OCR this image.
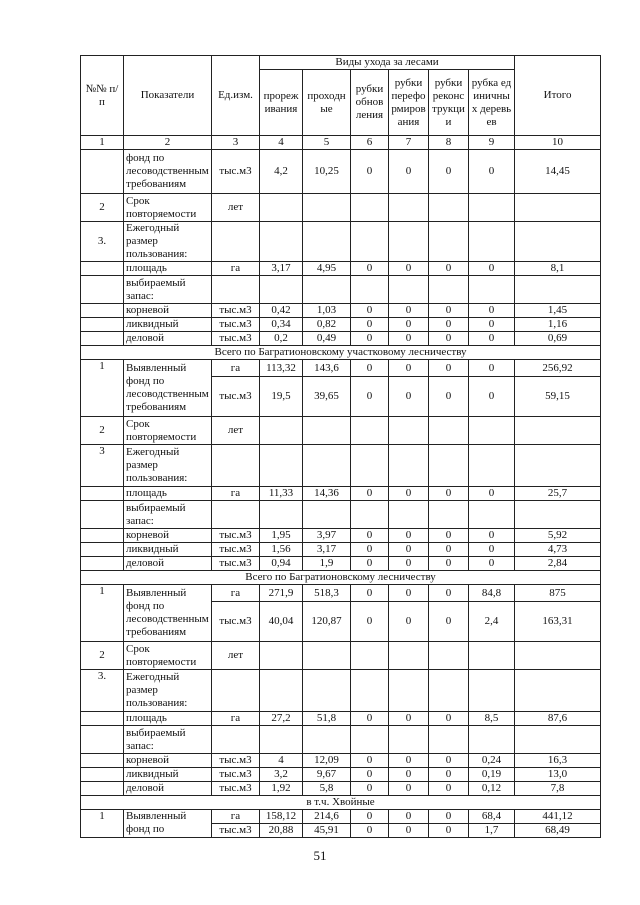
№№ п/п	Показатели	Ед.изм.	Виды ухода за лесами						Итого
			прореживания	проходные	рубки обновления	рубки переформирования	рубки реконструкции	рубка единичных деревьев	
1	2	3	4	5	6	7	8	9	10
	фонд по лесоводственным требованиям	тыс.м3	4,2	10,25	0	0	0	0	14,45
2	Срок повторяемости	лет							
3.	Ежегодный размер пользования:								
	площадь	га	3,17	4,95	0	0	0	0	8,1
	выбираемый запас:								
	корневой	тыс.м3	0,42	1,03	0	0	0	0	1,45
	ликвидный	тыс.м3	0,34	0,82	0	0	0	0	1,16
	деловой	тыс.м3	0,2	0,49	0	0	0	0	0,69
Всего по Багратионовскому участковому лесничеству									
1	Выявленный фонд по лесоводственным требованиям	га	113,32	143,6	0	0	0	0	256,92
		тыс.м3	19,5	39,65	0	0	0	0	59,15
2	Срок повторяемости	лет							
3	Ежегодный размер пользования:								
	площадь	га	11,33	14,36	0	0	0	0	25,7
	выбираемый запас:								
	корневой	тыс.м3	1,95	3,97	0	0	0	0	5,92
	ликвидный	тыс.м3	1,56	3,17	0	0	0	0	4,73
	деловой	тыс.м3	0,94	1,9	0	0	0	0	2,84
Всего по Багратионовскому лесничеству									
1	Выявленный фонд по лесоводственным требованиям	га	271,9	518,3	0	0	0	84,8	875
		тыс.м3	40,04	120,87	0	0	0	2,4	163,31
2	Срок повторяемости	лет							
3.	Ежегодный размер пользования:								
	площадь	га	27,2	51,8	0	0	0	8,5	87,6
	выбираемый запас:								
	корневой	тыс.м3	4	12,09	0	0	0	0,24	16,3
	ликвидный	тыс.м3	3,2	9,67	0	0	0	0,19	13,0
	деловой	тыс.м3	1,92	5,8	0	0	0	0,12	7,8
в т.ч. Хвойные									
1	Выявленный фонд по	га	158,12	214,6	0	0	0	68,4	441,12
		тыс.м3	20,88	45,91	0	0	0	1,7	68,49
51
